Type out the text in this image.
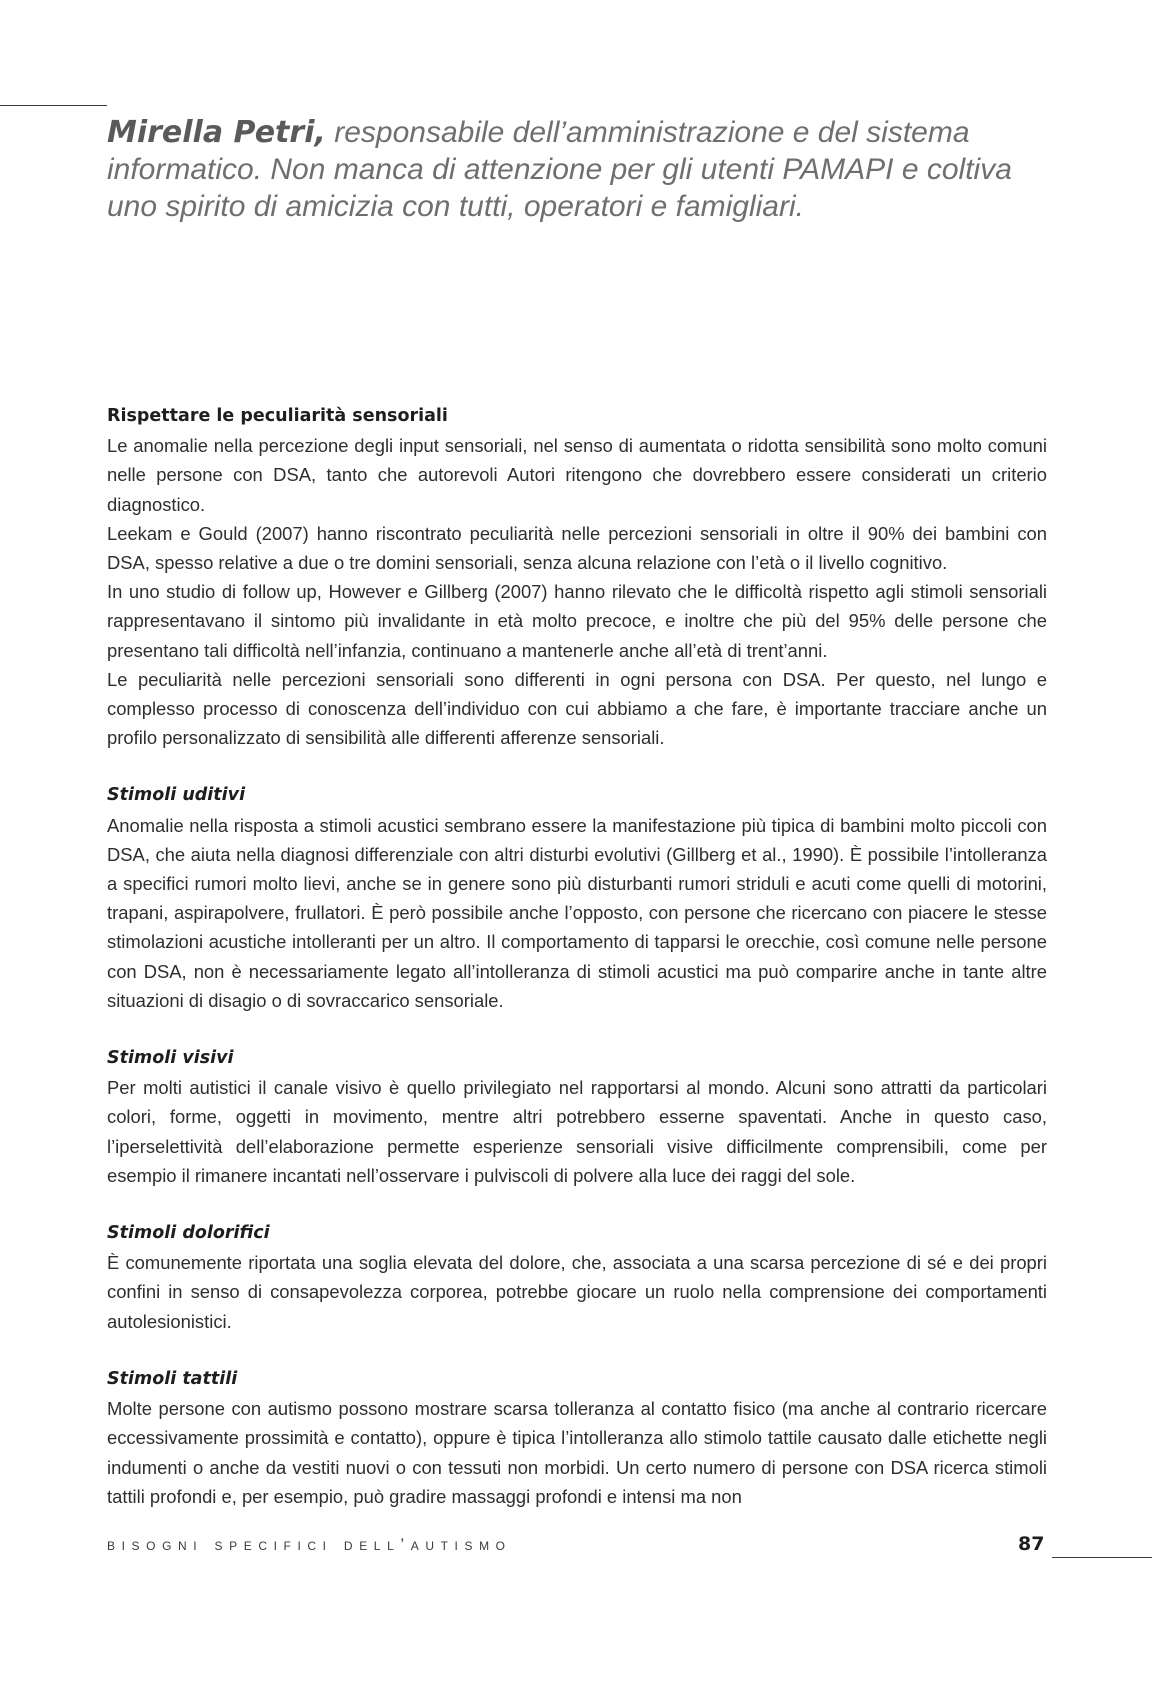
Mirella Petri, responsabile dell’amministrazione e del sistema informatico. Non manca di attenzione per gli utenti PAMAPI e coltiva uno spirito di amicizia con tutti, operatori e famigliari.
Rispettare le peculiarità sensoriali

Le anomalie nella percezione degli input sensoriali, nel senso di aumentata o ridotta sensibilità sono molto comuni nelle persone con DSA, tanto che autorevoli Autori ritengono che dovrebbero essere considerati un criterio diagnostico.

Leekam e Gould (2007) hanno riscontrato peculiarità nelle percezioni sensoriali in oltre il 90% dei bambini con DSA, spesso relative a due o tre domini sensoriali, senza alcuna relazione con l’età o il livello cognitivo.

In uno studio di follow up, However e Gillberg (2007) hanno rilevato che le difficoltà rispetto agli stimoli sensoriali rappresentavano il sintomo più invalidante in età molto precoce, e inoltre che più del 95% delle persone che presentano tali difficoltà nell’infanzia, continuano a mantenerle anche all’età di trent’anni.

Le peculiarità nelle percezioni sensoriali sono differenti in ogni persona con DSA. Per questo, nel lungo e complesso processo di conoscenza dell’individuo con cui abbiamo a che fare, è importante tracciare anche un profilo personalizzato di sensibilità alle differenti afferenze sensoriali.

Stimoli uditivi

Anomalie nella risposta a stimoli acustici sembrano essere la manifestazione più tipica di bambini molto piccoli con DSA, che aiuta nella diagnosi differenziale con altri disturbi evolutivi (Gillberg et al., 1990). È possibile l’intolleranza a specifici rumori molto lievi, anche se in genere sono più disturbanti rumori striduli e acuti come quelli di motorini, trapani, aspirapolvere, frullatori. È però possibile anche l’opposto, con persone che ricercano con piacere le stesse stimolazioni acustiche intolleranti per un altro. Il comportamento di tapparsi le orecchie, così comune nelle persone con DSA, non è necessariamente legato all’intolleranza di stimoli acustici ma può comparire anche in tante altre situazioni di disagio o di sovraccarico sensoriale.

Stimoli visivi

Per molti autistici il canale visivo è quello privilegiato nel rapportarsi al mondo. Alcuni sono attratti da particolari colori, forme, oggetti in movimento, mentre altri potrebbero esserne spaventati. Anche in questo caso, l’iperselettività dell’elaborazione permette esperienze sensoriali visive difficilmente comprensibili, come per esempio il rimanere incantati nell’osservare i pulviscoli di polvere alla luce dei raggi del sole.

Stimoli dolorifici

È comunemente riportata una soglia elevata del dolore, che, associata a una scarsa percezione di sé e dei propri confini in senso di consapevolezza corporea, potrebbe giocare un ruolo nella comprensione dei comportamenti autolesionistici.

Stimoli tattili

Molte persone con autismo possono mostrare scarsa tolleranza al contatto fisico (ma anche al contrario ricercare eccessivamente prossimità e contatto), oppure è tipica l’intolleranza allo stimolo tattile causato dalle etichette negli indumenti o anche da vestiti nuovi o con tessuti non morbidi. Un certo numero di persone con DSA ricerca stimoli tattili profondi e, per esempio, può gradire massaggi profondi e intensi ma non

bisogni specifici dell’autismo	87
